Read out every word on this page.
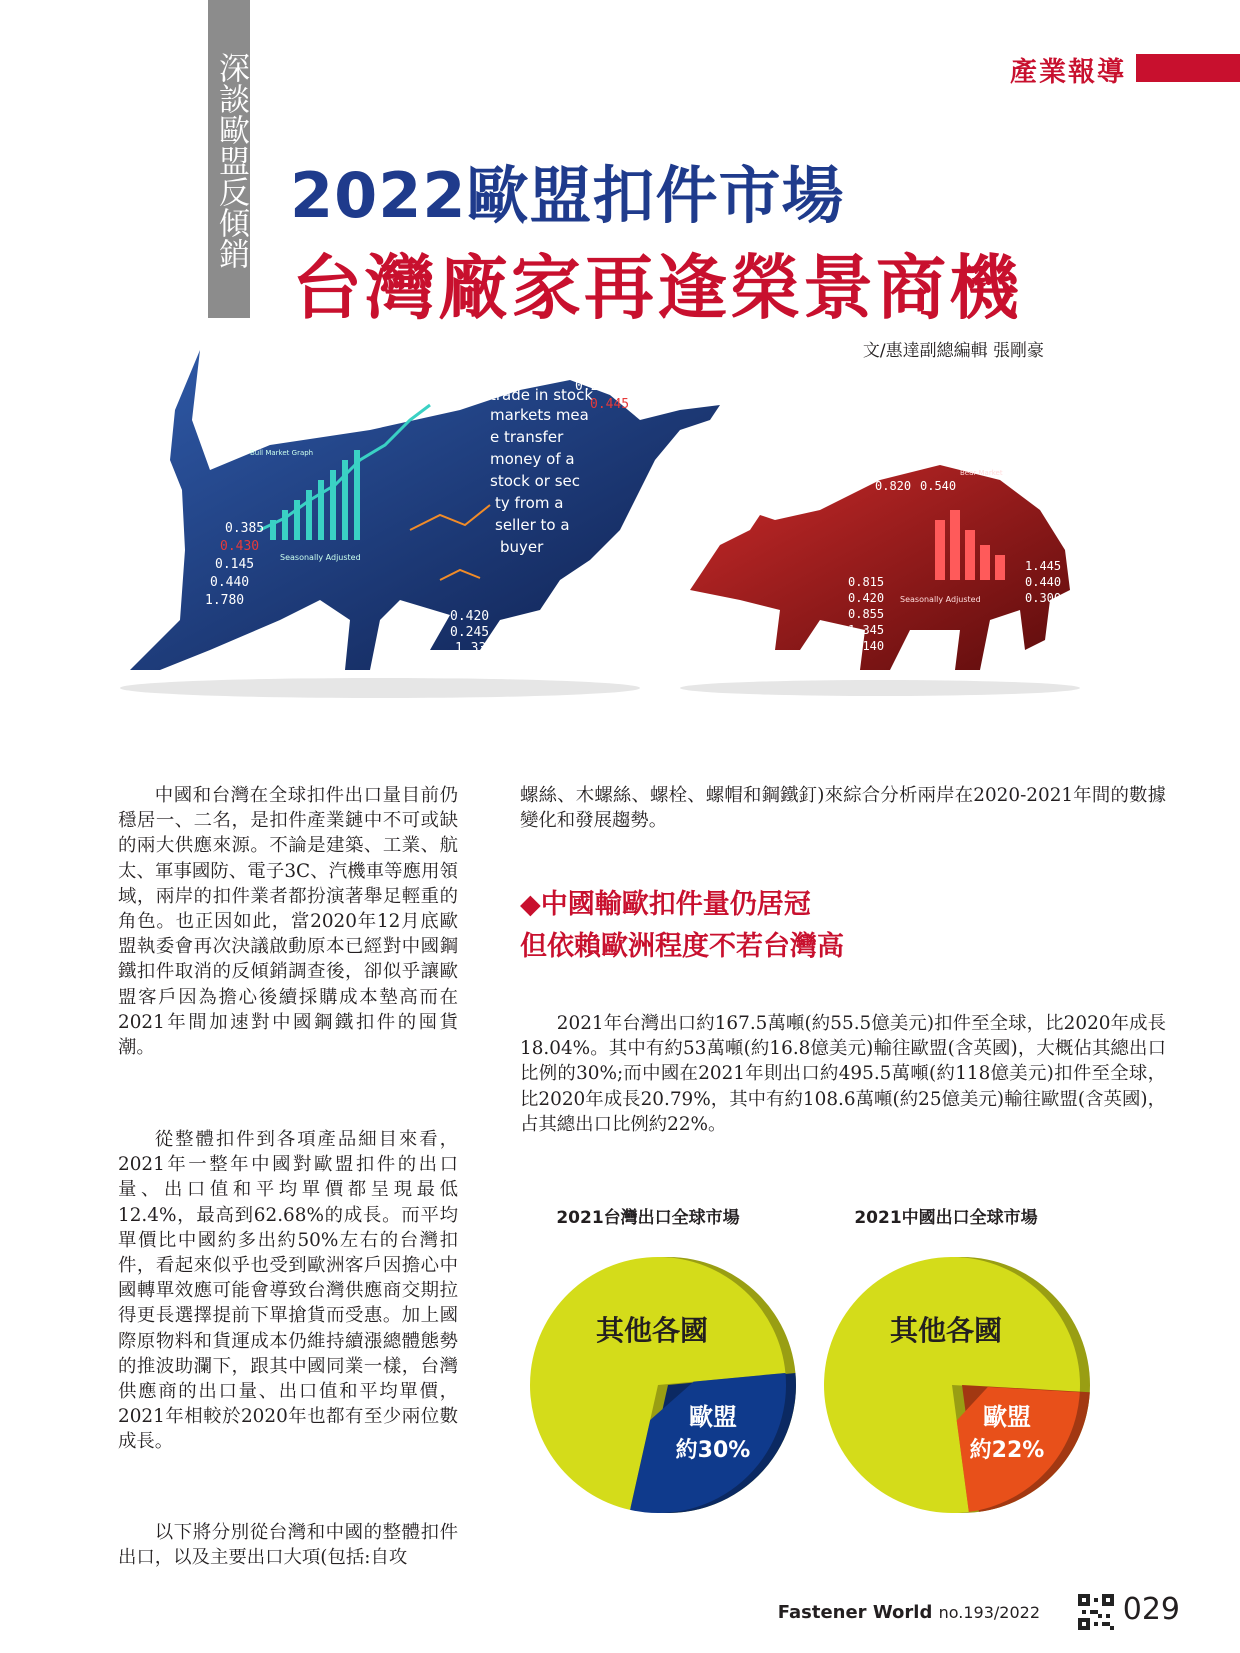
深談歐盟反傾銷	產業報導
2022歐盟扣件市場
台灣廠家再逢榮景商機
文/惠達副總編輯 張剛豪
Bull Market Graph
Seasonally Adjusted
trade in stock
markets mea
e transfer
money of a
stock or sec
ty from a
seller to a
buyer
0.235
0.445
0.385
0.430
0.145
0.440
1.780
0.420
0.245
1.335
Bear Market
Seasonally Adjusted
0.820 0.540
1.445
0.440
0.300
0.815
0.420
0.855
1.345
0.140

中國和台灣在全球扣件出口量目前仍穩居一、二名，是扣件產業鏈中不可或缺的兩大供應來源。不論是建築、工業、航太、軍事國防、電子3C、汽機車等應用領域，兩岸的扣件業者都扮演著舉足輕重的角色。也正因如此，當2020年12月底歐盟執委會再次決議啟動原本已經對中國鋼鐵扣件取消的反傾銷調查後，卻似乎讓歐盟客戶因為擔心後續採購成本墊高而在2021年間加速對中國鋼鐵扣件的囤貨潮。

從整體扣件到各項產品細目來看，2021年一整年中國對歐盟扣件的出口量、出口值和平均單價都呈現最低12.4%，最高到62.68%的成長。而平均單價比中國約多出約50%左右的台灣扣件，看起來似乎也受到歐洲客戶因擔心中國轉單效應可能會導致台灣供應商交期拉得更長選擇提前下單搶貨而受惠。加上國際原物料和貨運成本仍維持續漲總體態勢的推波助瀾下，跟其中國同業一樣，台灣供應商的出口量、出口值和平均單價，2021年相較於2020年也都有至少兩位數成長。

以下將分別從台灣和中國的整體扣件出口，以及主要出口大項(包括:自攻

螺絲、木螺絲、螺栓、螺帽和鋼鐵釘)來綜合分析兩岸在2020-2021年間的數據變化和發展趨勢。

◆中國輸歐扣件量仍居冠
但依賴歐洲程度不若台灣高

2021年台灣出口約167.5萬噸(約55.5億美元)扣件至全球，比2020年成長18.04%。其中有約53萬噸(約16.8億美元)輸往歐盟(含英國)，大概佔其總出口比例的30%;而中國在2021年則出口約495.5萬噸(約118億美元)扣件至全球，比2020年成長20.79%，其中有約108.6萬噸(約25億美元)輸往歐盟(含英國)，占其總出口比例約22%。

2021台灣出口全球市場	2021中國出口全球市場
其他各國
歐盟
約30%
其他各國
歐盟
約22%
Fastener World no.193/2022	029
